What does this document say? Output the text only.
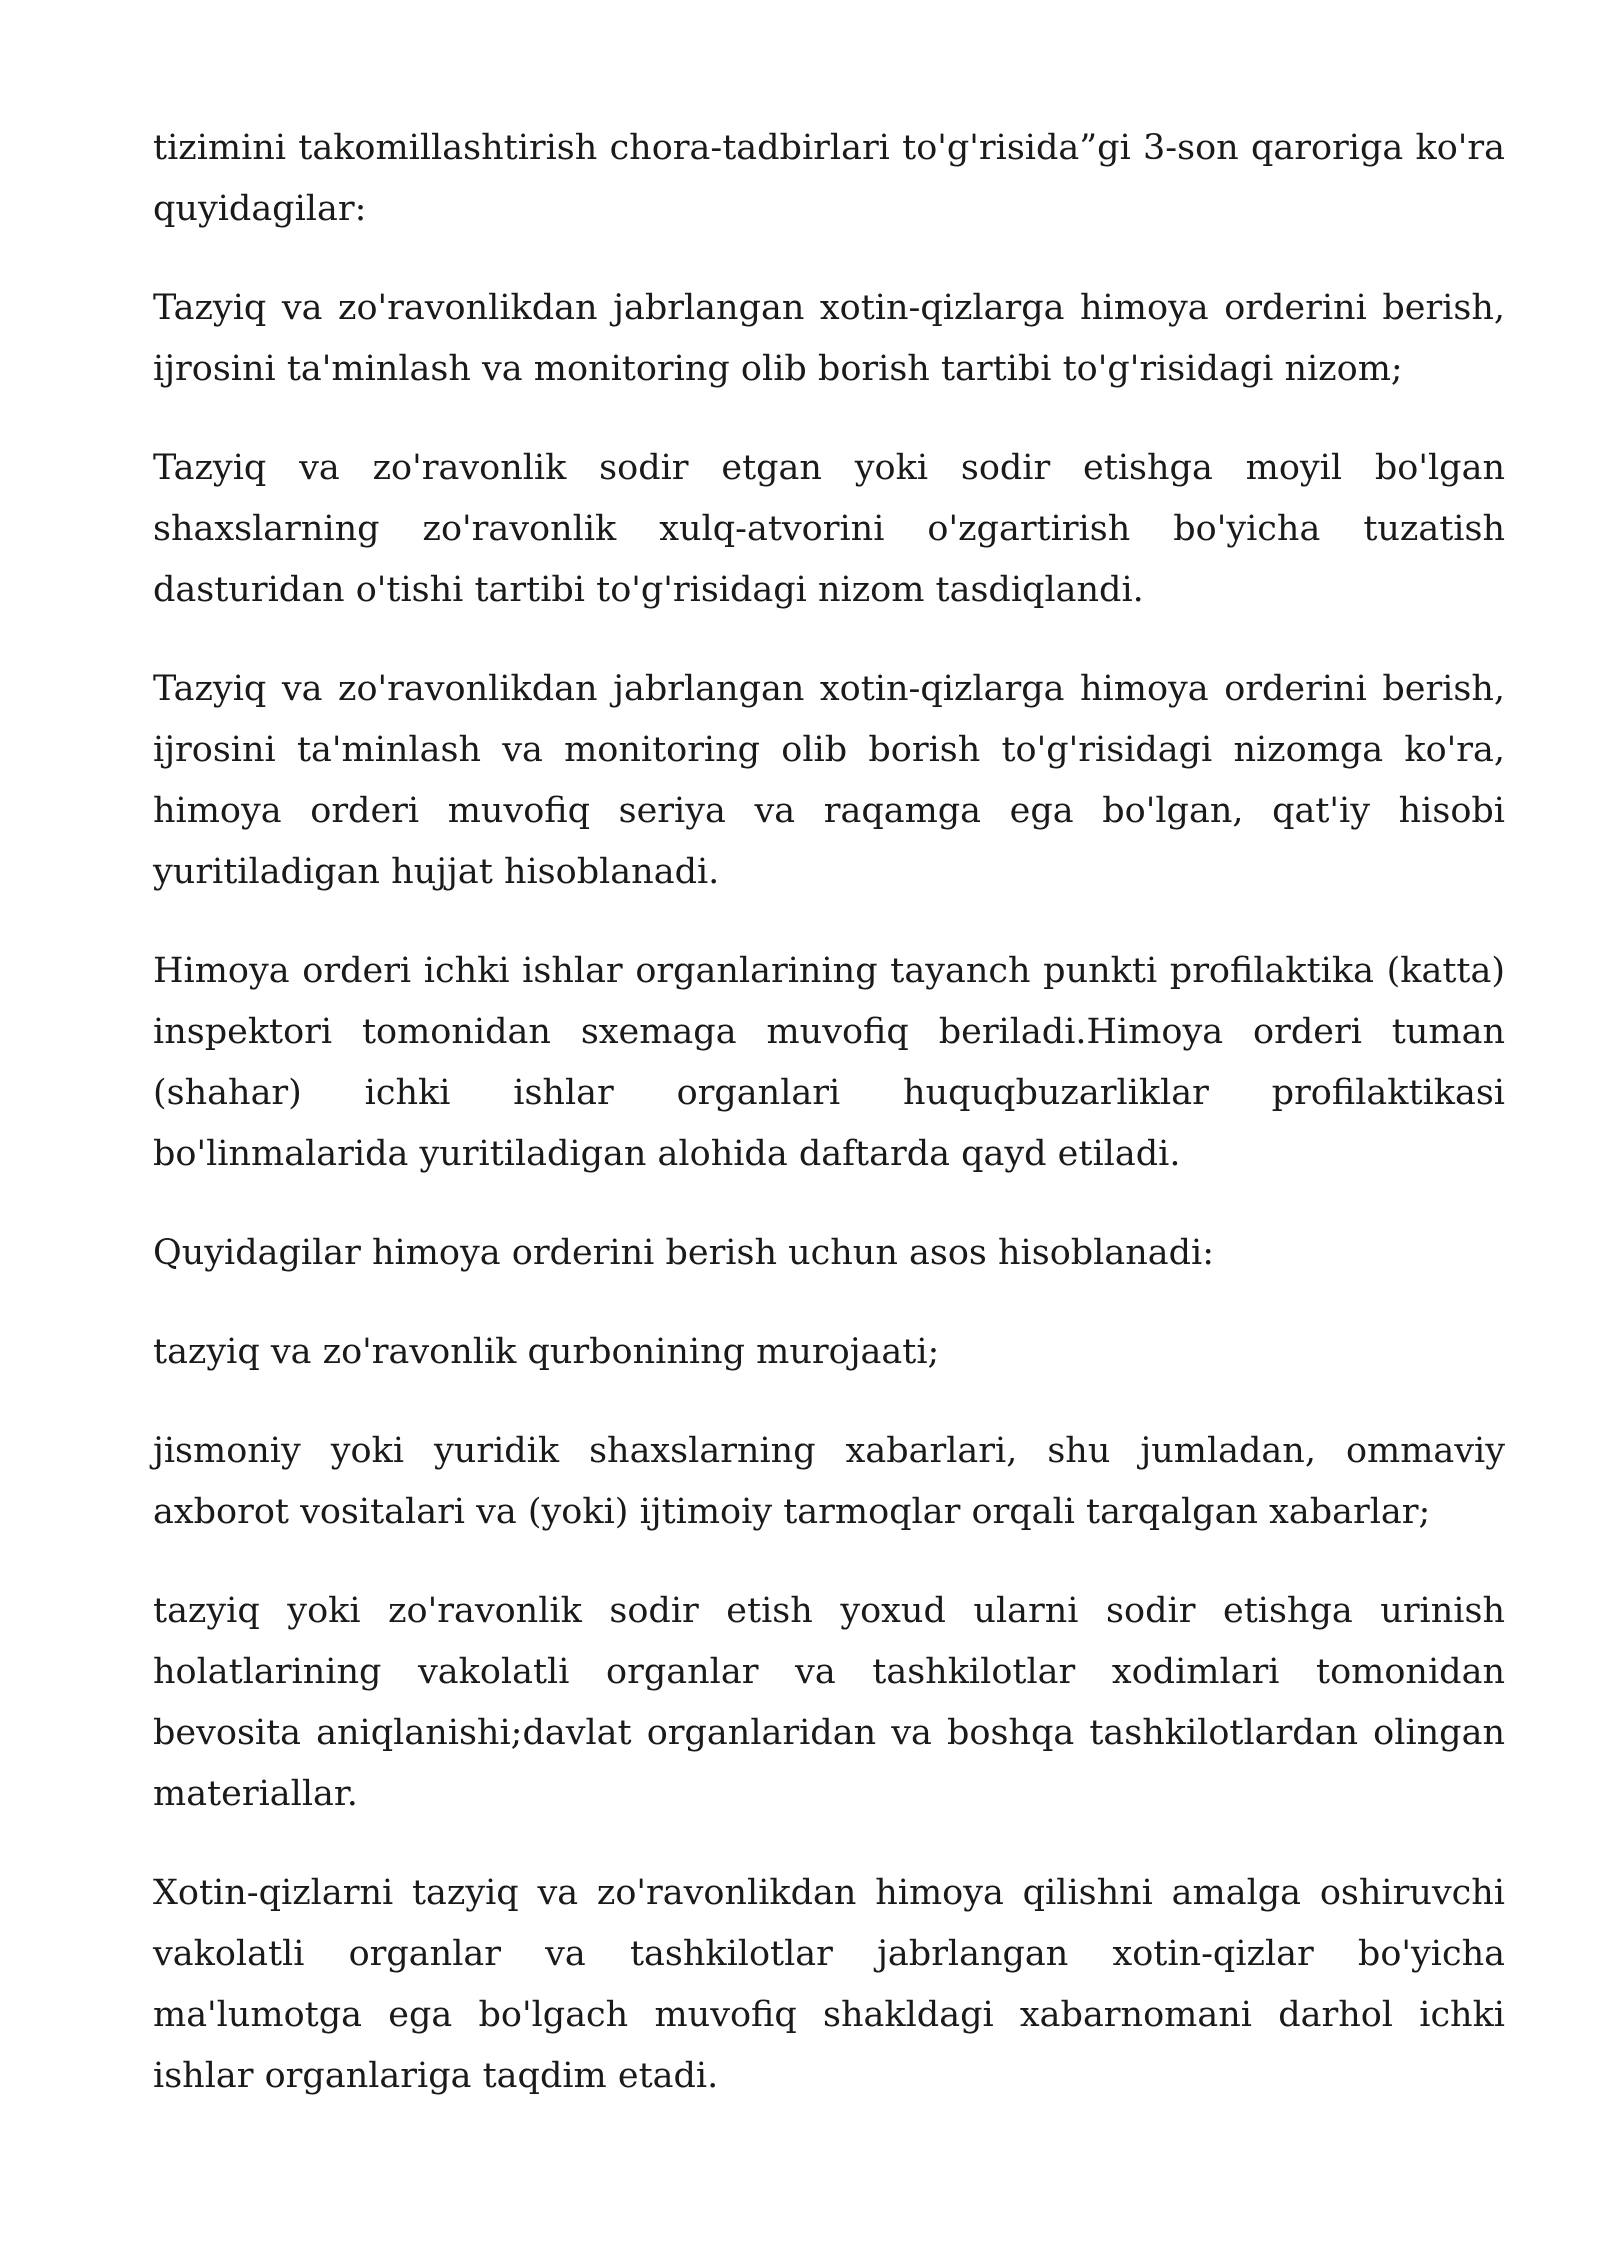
tizimini takomillashtirish chora-tadbirlari to'g'risida”gi 3-son qaroriga ko'ra quyidagilar:

Tazyiq va zo'ravonlikdan jabrlangan xotin-qizlarga himoya orderini berish, ijrosini ta'minlash va monitoring olib borish tartibi to'g'risidagi nizom;

Tazyiq va zo'ravonlik sodir etgan yoki sodir etishga moyil bo'lgan shaxslarning zo'ravonlik xulq-atvorini o'zgartirish bo'yicha tuzatish dasturidan o'tishi tartibi to'g'risidagi nizom tasdiqlandi.

Tazyiq va zo'ravonlikdan jabrlangan xotin-qizlarga himoya orderini berish, ijrosini ta'minlash va monitoring olib borish to'g'risidagi nizomga ko'ra, himoya orderi muvofiq seriya va raqamga ega bo'lgan, qat'iy hisobi yuritiladigan hujjat hisoblanadi.

Himoya orderi ichki ishlar organlarining tayanch punkti profilaktika (katta) inspektori tomonidan sxemaga muvofiq beriladi.Himoya orderi tuman (shahar) ichki ishlar organlari huquqbuzarliklar profilaktikasi bo'linmalarida yuritiladigan alohida daftarda qayd etiladi.

Quyidagilar himoya orderini berish uchun asos hisoblanadi:

tazyiq va zo'ravonlik qurbonining murojaati;

jismoniy yoki yuridik shaxslarning xabarlari, shu jumladan, ommaviy axborot vositalari va (yoki) ijtimoiy tarmoqlar orqali tarqalgan xabarlar;

tazyiq yoki zo'ravonlik sodir etish yoxud ularni sodir etishga urinish holatlarining vakolatli organlar va tashkilotlar xodimlari tomonidan bevosita aniqlanishi;davlat organlaridan va boshqa tashkilotlardan olingan materiallar.

Xotin-qizlarni tazyiq va zo'ravonlikdan himoya qilishni amalga oshiruvchi vakolatli organlar va tashkilotlar jabrlangan xotin-qizlar bo'yicha ma'lumotga ega bo'lgach muvofiq shakldagi xabarnomani darhol ichki ishlar organlariga taqdim etadi.
